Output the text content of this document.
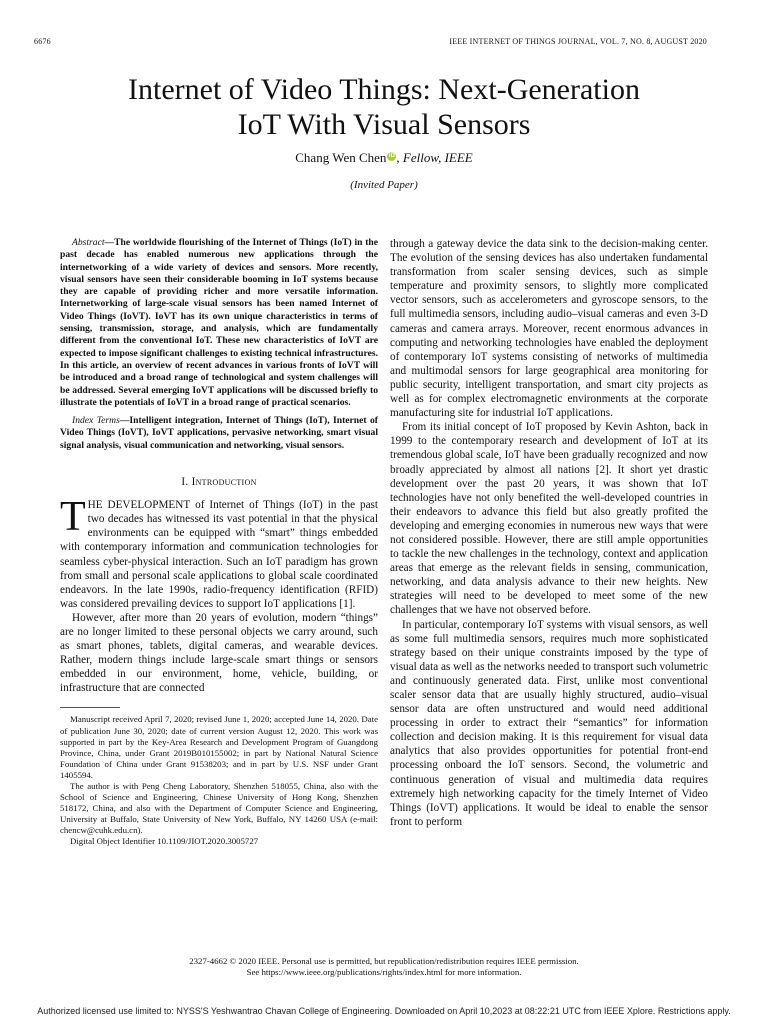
6676	IEEE INTERNET OF THINGS JOURNAL, VOL. 7, NO. 8, AUGUST 2020
Internet of Video Things: Next-Generation
IoT With Visual Sensors
Chang Wen Chen iD , Fellow, IEEE
(Invited Paper)

Abstract—The worldwide flourishing of the Internet of Things (IoT) in the past decade has enabled numerous new applications through the internetworking of a wide variety of devices and sensors. More recently, visual sensors have seen their considerable booming in IoT systems because they are capable of providing richer and more versatile information. Internetworking of large-scale visual sensors has been named Internet of Video Things (IoVT). IoVT has its own unique characteristics in terms of sensing, transmission, storage, and analysis, which are fundamentally different from the conventional IoT. These new characteristics of IoVT are expected to impose significant challenges to existing technical infrastructures. In this article, an overview of recent advances in various fronts of IoVT will be introduced and a broad range of technological and system challenges will be addressed. Several emerging IoVT applications will be discussed briefly to illustrate the potentials of IoVT in a broad range of practical scenarios.

Index Terms—Intelligent integration, Internet of Things (IoT), Internet of Video Things (IoVT), IoVT applications, pervasive networking, smart visual signal analysis, visual communication and networking, visual sensors.

I. Introduction

THE DEVELOPMENT of Internet of Things (IoT) in the past two decades has witnessed its vast potential in that the physical environments can be equipped with “smart” things embedded with contemporary information and communication technologies for seamless cyber-physical interaction. Such an IoT paradigm has grown from small and personal scale applications to global scale coordinated endeavors. In the late 1990s, radio-frequency identification (RFID) was considered prevailing devices to support IoT applications [1].

However, after more than 20 years of evolution, modern “things” are no longer limited to these personal objects we carry around, such as smart phones, tablets, digital cameras, and wearable devices. Rather, modern things include large-scale smart things or sensors embedded in our environment, home, vehicle, building, or infrastructure that are connected

Manuscript received April 7, 2020; revised June 1, 2020; accepted June 14, 2020. Date of publication June 30, 2020; date of current version August 12, 2020. This work was supported in part by the Key-Area Research and Development Program of Guangdong Province, China, under Grant 2019B010155002; in part by National Natural Science Foundation of China under Grant 91538203; and in part by U.S. NSF under Grant 1405594.

The author is with Peng Cheng Laboratory, Shenzhen 518055, China, also with the School of Science and Engineering, Chinese University of Hong Kong, Shenzhen 518172, China, and also with the Department of Computer Science and Engineering, University at Buffalo, State University of New York, Buffalo, NY 14260 USA (e-mail: chencw@cuhk.edu.cn).

Digital Object Identifier 10.1109/JIOT.2020.3005727

through a gateway device the data sink to the decision-making center. The evolution of the sensing devices has also undertaken fundamental transformation from scaler sensing devices, such as simple temperature and proximity sensors, to slightly more complicated vector sensors, such as accelerometers and gyroscope sensors, to the full multimedia sensors, including audio–visual cameras and even 3-D cameras and camera arrays. Moreover, recent enormous advances in computing and networking technologies have enabled the deployment of contemporary IoT systems consisting of networks of multimedia and multimodal sensors for large geographical area monitoring for public security, intelligent transportation, and smart city projects as well as for complex electromagnetic environments at the corporate manufacturing site for industrial IoT applications.

From its initial concept of IoT proposed by Kevin Ashton, back in 1999 to the contemporary research and development of IoT at its tremendous global scale, IoT have been gradually recognized and now broadly appreciated by almost all nations [2]. It short yet drastic development over the past 20 years, it was shown that IoT technologies have not only benefited the well-developed countries in their endeavors to advance this field but also greatly profited the developing and emerging economies in numerous new ways that were not considered possible. However, there are still ample opportunities to tackle the new challenges in the technology, context and application areas that emerge as the relevant fields in sensing, communication, networking, and data analysis advance to their new heights. New strategies will need to be developed to meet some of the new challenges that we have not observed before.

In particular, contemporary IoT systems with visual sensors, as well as some full multimedia sensors, requires much more sophisticated strategy based on their unique constraints imposed by the type of visual data as well as the networks needed to transport such volumetric and continuously generated data. First, unlike most conventional scaler sensor data that are usually highly structured, audio–visual sensor data are often unstructured and would need additional processing in order to extract their “semantics” for information collection and decision making. It is this requirement for visual data analytics that also provides opportunities for potential front-end processing onboard the IoT sensors. Second, the volumetric and continuous generation of visual and multimedia data requires extremely high networking capacity for the timely Internet of Video Things (IoVT) applications. It would be ideal to enable the sensor front to perform

2327-4662 © 2020 IEEE. Personal use is permitted, but republication/redistribution requires IEEE permission.
See https://www.ieee.org/publications/rights/index.html for more information.
Authorized licensed use limited to: NYSS'S Yeshwantrao Chavan College of Engineering. Downloaded on April 10,2023 at 08:22:21 UTC from IEEE Xplore. Restrictions apply.
